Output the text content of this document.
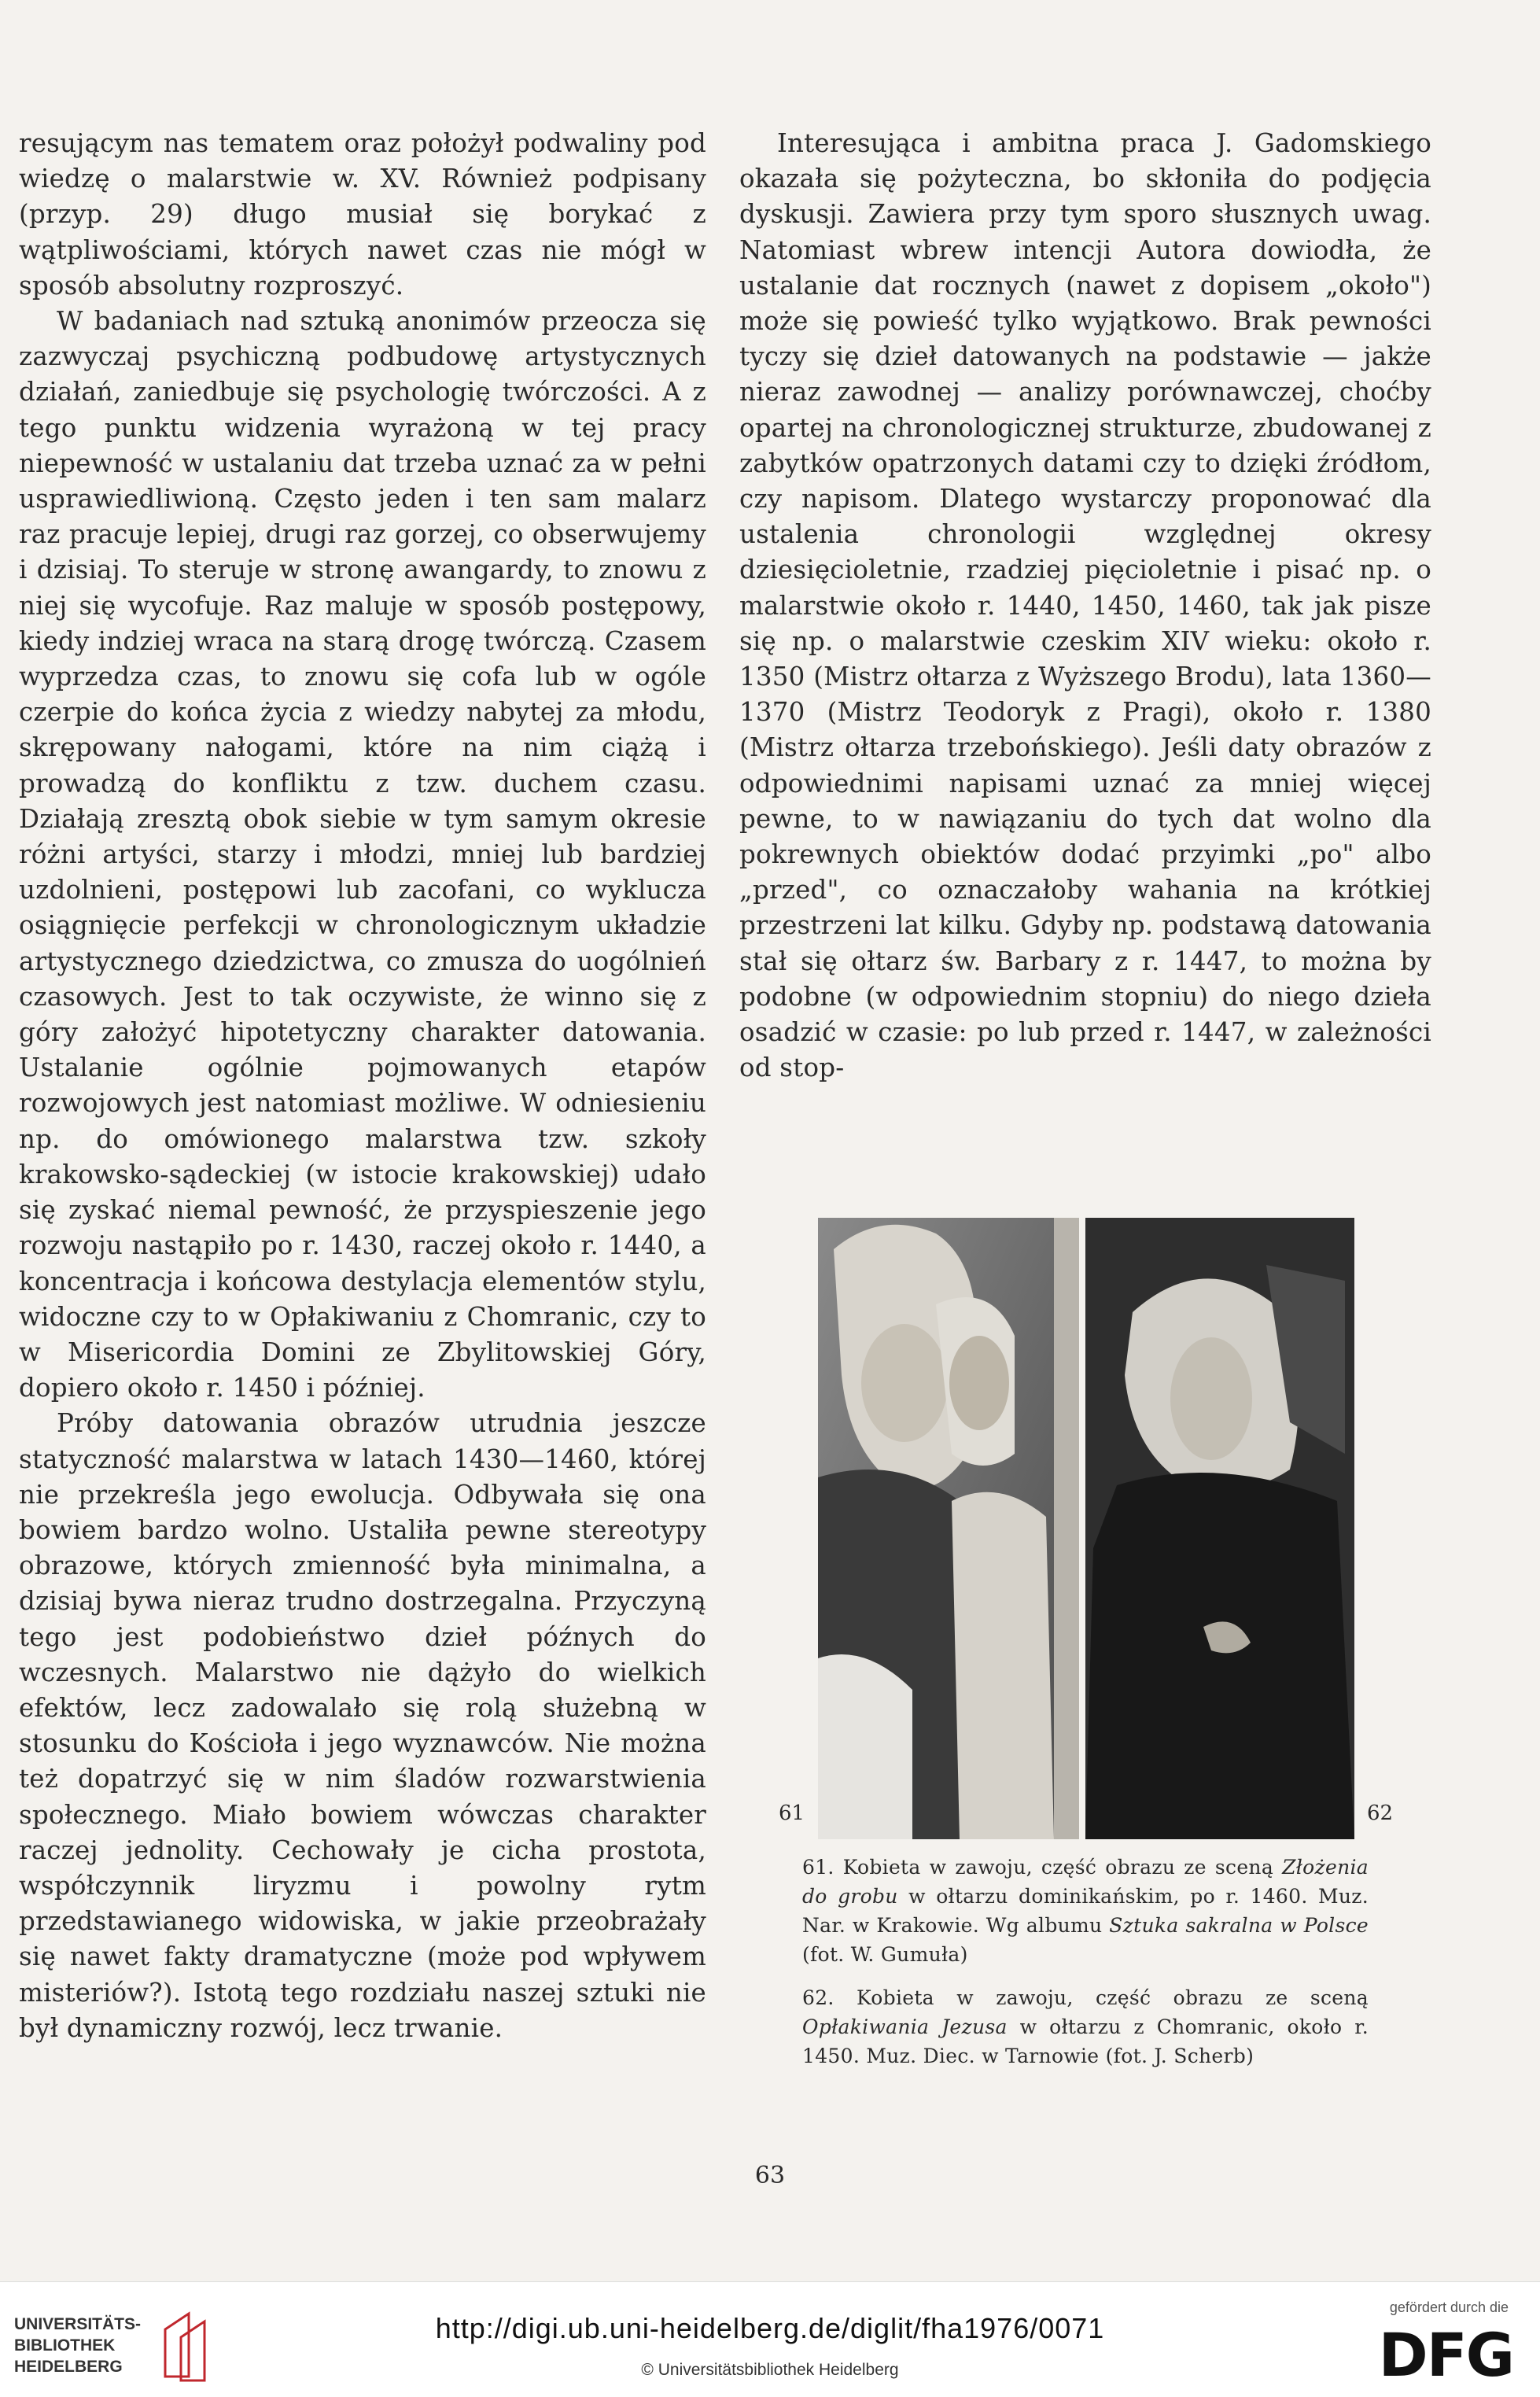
resującym nas tematem oraz położył podwaliny pod wiedzę o malarstwie w. XV. Również podpisany (przyp. 29) długo musiał się borykać z wątpliwościami, których nawet czas nie mógł w sposób absolutny rozproszyć.

W badaniach nad sztuką anonimów przeocza się zazwyczaj psychiczną podbudowę artystycznych działań, zaniedbuje się psychologię twórczości. A z tego punktu widzenia wyrażoną w tej pracy niepewność w ustalaniu dat trzeba uznać za w pełni usprawiedliwioną. Często jeden i ten sam malarz raz pracuje lepiej, drugi raz gorzej, co obserwujemy i dzisiaj. To steruje w stronę awangardy, to znowu z niej się wycofuje. Raz maluje w sposób postępowy, kiedy indziej wraca na starą drogę twórczą. Czasem wyprzedza czas, to znowu się cofa lub w ogóle czerpie do końca życia z wiedzy nabytej za młodu, skrępowany nałogami, które na nim ciążą i prowadzą do konfliktu z tzw. duchem czasu. Działają zresztą obok siebie w tym samym okresie różni artyści, starzy i młodzi, mniej lub bardziej uzdolnieni, postępowi lub zacofani, co wyklucza osiągnięcie perfekcji w chronologicznym układzie artystycznego dziedzictwa, co zmusza do uogólnień czasowych. Jest to tak oczywiste, że winno się z góry założyć hipotetyczny charakter datowania. Ustalanie ogólnie pojmowanych etapów rozwojowych jest natomiast możliwe. W odniesieniu np. do omówionego malarstwa tzw. szkoły krakowsko-sądeckiej (w istocie krakowskiej) udało się zyskać niemal pewność, że przyspieszenie jego rozwoju nastąpiło po r. 1430, raczej około r. 1440, a koncentracja i końcowa destylacja elementów stylu, widoczne czy to w Opłakiwaniu z Chomranic, czy to w Misericordia Domini ze Zbylitowskiej Góry, dopiero około r. 1450 i później.

Próby datowania obrazów utrudnia jeszcze statyczność malarstwa w latach 1430—1460, której nie przekreśla jego ewolucja. Odbywała się ona bowiem bardzo wolno. Ustaliła pewne stereotypy obrazowe, których zmienność była minimalna, a dzisiaj bywa nieraz trudno dostrzegalna. Przyczyną tego jest podobieństwo dzieł późnych do wczesnych. Malarstwo nie dążyło do wielkich efektów, lecz zadowalało się rolą służebną w stosunku do Kościoła i jego wyznawców. Nie można też dopatrzyć się w nim śladów rozwarstwienia społecznego. Miało bowiem wówczas charakter raczej jednolity. Cechowały je cicha prostota, współczynnik liryzmu i powolny rytm przedstawianego widowiska, w jakie przeobrażały się nawet fakty dramatyczne (może pod wpływem misteriów?). Istotą tego rozdziału naszej sztuki nie był dynamiczny rozwój, lecz trwanie.

Interesująca i ambitna praca J. Gadomskiego okazała się pożyteczna, bo skłoniła do podjęcia dyskusji. Zawiera przy tym sporo słusznych uwag. Natomiast wbrew intencji Autora dowiodła, że ustalanie dat rocznych (nawet z dopisem „około") może się powieść tylko wyjątkowo. Brak pewności tyczy się dzieł datowanych na podstawie — jakże nieraz zawodnej — analizy porównawczej, choćby opartej na chronologicznej strukturze, zbudowanej z zabytków opatrzonych datami czy to dzięki źródłom, czy napisom. Dlatego wystarczy proponować dla ustalenia chronologii względnej okresy dziesięcioletnie, rzadziej pięcioletnie i pisać np. o malarstwie około r. 1440, 1450, 1460, tak jak pisze się np. o malarstwie czeskim XIV wieku: około r. 1350 (Mistrz ołtarza z Wyższego Brodu), lata 1360—1370 (Mistrz Teodoryk z Pragi), około r. 1380 (Mistrz ołtarza trzebońskiego). Jeśli daty obrazów z odpowiednimi napisami uznać za mniej więcej pewne, to w nawiązaniu do tych dat wolno dla pokrewnych obiektów dodać przyimki „po" albo „przed", co oznaczałoby wahania na krótkiej przestrzeni lat kilku. Gdyby np. podstawą datowania stał się ołtarz św. Barbary z r. 1447, to można by podobne (w odpowiednim stopniu) do niego dzieła osadzić w czasie: po lub przed r. 1447, w zależności od stop-

61	62

61. Kobieta w zawoju, część obrazu ze sceną Złożenia do grobu w ołtarzu dominikańskim, po r. 1460. Muz. Nar. w Krakowie. Wg albumu Sztuka sakralna w Polsce (fot. W. Gumuła)

62. Kobieta w zawoju, część obrazu ze sceną Opłakiwania Jezusa w ołtarzu z Chomranic, około r. 1450. Muz. Diec. w Tarnowie (fot. J. Scherb)

63
UNIVERSITÄTS-
BIBLIOTHEK
HEIDELBERG
http://digi.ub.uni-heidelberg.de/diglit/fha1976/0071
© Universitätsbibliothek Heidelberg
gefördert durch die
DFG
